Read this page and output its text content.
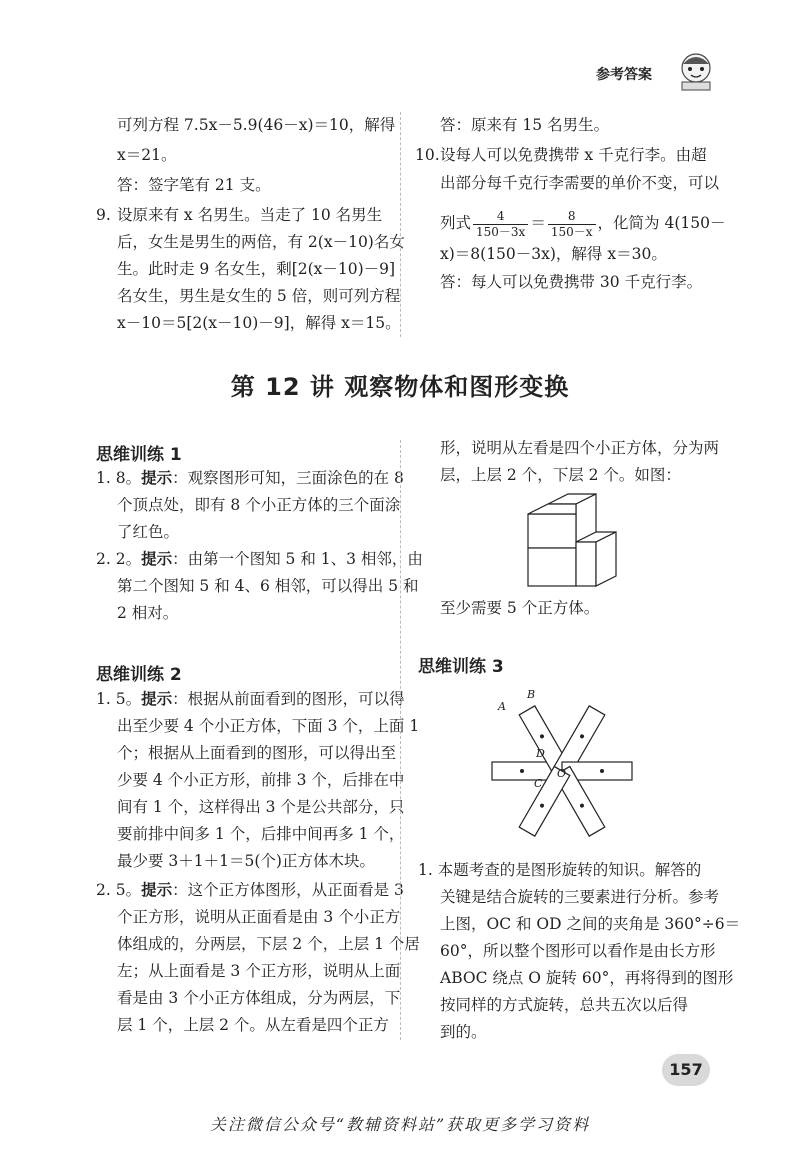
参考答案
可列方程 7.5x－5.9(46－x)＝10，解得
x＝21。
答：签字笔有 21 支。
9. 设原来有 x 名男生。当走了 10 名男生
后，女生是男生的两倍，有 2(x－10)名女
生。此时走 9 名女生，剩[2(x－10)－9]
名女生，男生是女生的 5 倍，则可列方程
x－10＝5[2(x－10)－9]，解得 x＝15。
答：原来有 15 名男生。
10. 设每人可以免费携带 x 千克行李。由超
出部分每千克行李需要的单价不变，可以
列式 $\frac{4}{150-3x} = \frac{8}{150-x}$ ，化简为 4(150－
x)＝8(150－3x)，解得 x＝30。
答：每人可以免费携带 30 千克行李。
第 12 讲 观察物体和图形变换
思维训练 1
1. 8。提示：观察图形可知，三面涂色的在 8
个顶点处，即有 8 个小正方体的三个面涂
了红色。
2. 2。提示：由第一个图知 5 和 1、3 相邻，由
第二个图知 5 和 4、6 相邻，可以得出 5 和
2 相对。
思维训练 2
1. 5。提示：根据从前面看到的图形，可以得
出至少要 4 个小正方体，下面 3 个，上面 1
个；根据从上面看到的图形，可以得出至
少要 4 个小正方形，前排 3 个，后排在中
间有 1 个，这样得出 3 个是公共部分，只
要前排中间多 1 个，后排中间再多 1 个，
最少要 3＋1＋1＝5(个)正方体木块。
2. 5。提示：这个正方体图形，从正面看是 3
个正方形，说明从正面看是由 3 个小正方
体组成的，分两层，下层 2 个，上层 1 个居
左；从上面看是 3 个正方形，说明从上面
看是由 3 个小正方体组成，分为两层，下
层 1 个，上层 2 个。从左看是四个正方
形，说明从左看是四个小正方体，分为两
层，上层 2 个，下层 2 个。如图：
至少需要 5 个正方体。
思维训练 3
A
B
C
D
O
1. 本题考查的是图形旋转的知识。解答的
关键是结合旋转的三要素进行分析。参考
上图，OC 和 OD 之间的夹角是 360°÷6＝
60°，所以整个图形可以看作是由长方形
ABOC 绕点 O 旋转 60°，再将得到的图形
按同样的方式旋转，总共五次以后得
到的。
157
关注微信公众号“教辅资料站”获取更多学习资料
